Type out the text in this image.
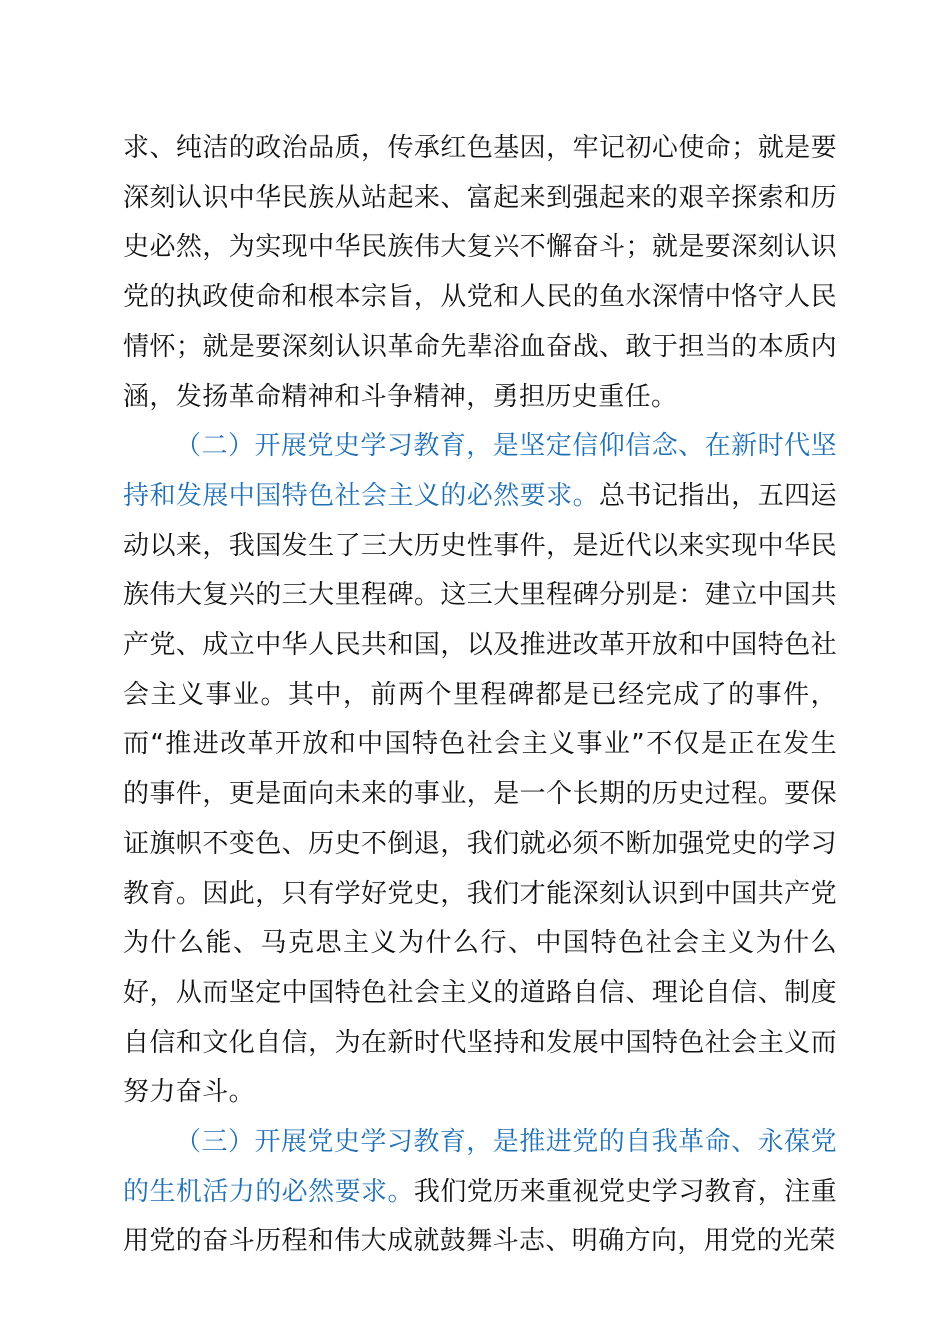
求、纯洁的政治品质，传承红色基因，牢记初心使命；就是要深刻认识中华民族从站起来、富起来到强起来的艰辛探索和历史必然，为实现中华民族伟大复兴不懈奋斗；就是要深刻认识党的执政使命和根本宗旨，从党和人民的鱼水深情中恪守人民情怀；就是要深刻认识革命先辈浴血奋战、敢于担当的本质内涵，发扬革命精神和斗争精神，勇担历史重任。

（二）开展党史学习教育，是坚定信仰信念、在新时代坚持和发展中国特色社会主义的必然要求。总书记指出，五四运动以来，我国发生了三大历史性事件，是近代以来实现中华民族伟大复兴的三大里程碑。这三大里程碑分别是：建立中国共产党、成立中华人民共和国，以及推进改革开放和中国特色社会主义事业。其中，前两个里程碑都是已经完成了的事件，而“推进改革开放和中国特色社会主义事业”不仅是正在发生的事件，更是面向未来的事业，是一个长期的历史过程。要保证旗帜不变色、历史不倒退，我们就必须不断加强党史的学习教育。因此，只有学好党史，我们才能深刻认识到中国共产党为什么能、马克思主义为什么行、中国特色社会主义为什么好，从而坚定中国特色社会主义的道路自信、理论自信、制度自信和文化自信，为在新时代坚持和发展中国特色社会主义而努力奋斗。

（三）开展党史学习教育，是推进党的自我革命、永葆党的生机活力的必然要求。我们党历来重视党史学习教育，注重用党的奋斗历程和伟大成就鼓舞斗志、明确方向，用党的光荣
